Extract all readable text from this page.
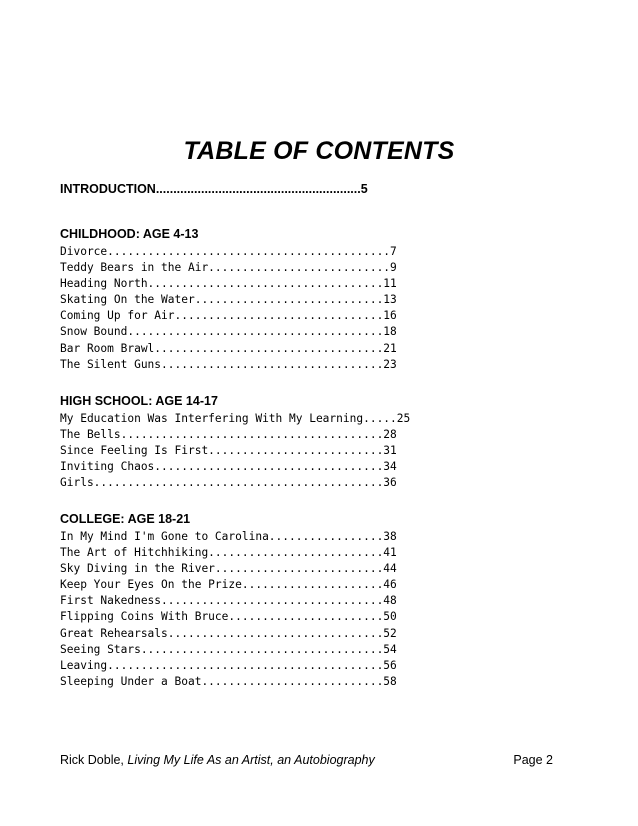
TABLE OF CONTENTS
INTRODUCTION...........................................................5
CHILDHOOD: AGE 4-13
Divorce..........................................7
Teddy Bears in the Air...........................9
Heading North...................................11
Skating On the Water............................13
Coming Up for Air...............................16
Snow Bound......................................18
Bar Room Brawl..................................21
The Silent Guns.................................23
HIGH SCHOOL: AGE 14-17
My Education Was Interfering With My Learning.....25
The Bells.......................................28
Since Feeling Is First..........................31
Inviting Chaos..................................34
Girls...........................................36
COLLEGE: AGE 18-21
In My Mind I'm Gone to Carolina.................38
The Art of Hitchhiking..........................41
Sky Diving in the River.........................44
Keep Your Eyes On the Prize.....................46
First Nakedness.................................48
Flipping Coins With Bruce.......................50
Great Rehearsals................................52
Seeing Stars....................................54
Leaving.........................................56
Sleeping Under a Boat...........................58
Rick Doble, Living My Life As an Artist, an Autobiography	Page 2
